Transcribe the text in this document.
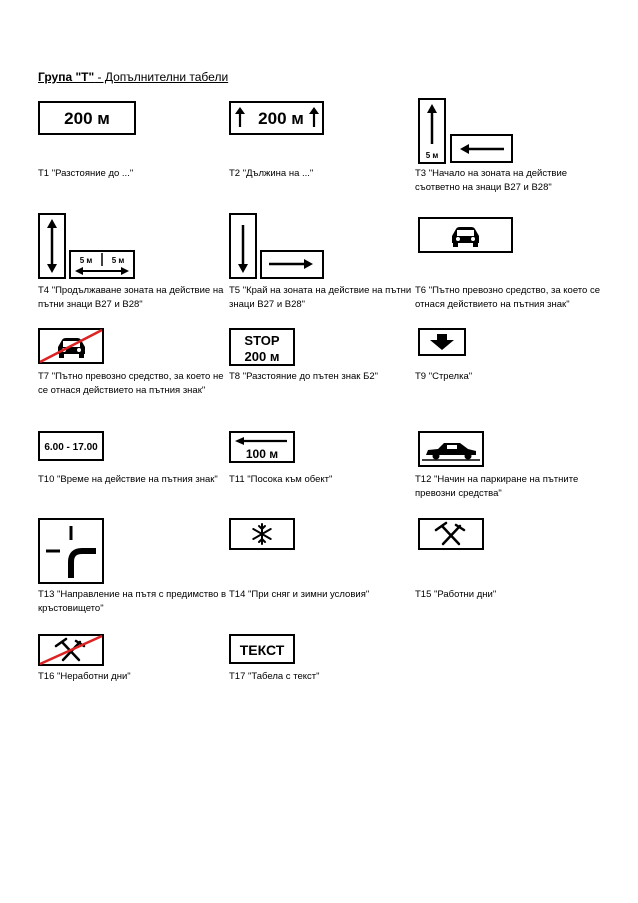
Група "Т" - Допълнителни табели
200 м
Т1 "Разстояние до ..."
200 м
Т2 "Дължина на ..."
5 м
Т3 "Начало на зоната на действие съответно на знаци В27 и В28"
5 м 5 м
Т4 "Продължаване зоната на действие на пътни знаци В27 и В28"
Т5 "Край на зоната на действие на пътни знаци В27 и В28"
Т6 "Пътно превозно средство, за което се отнася действието на пътния знак"
Т7 "Пътно превозно средство, за което не се отнася действието на пътния знак"
STOP
200 м
Т8 "Разстояние до пътен знак Б2"	Т9 "Стрелка"
6.00 - 17.00
Т10 "Време на действие на пътния знак"
100 м
Т11 "Посока към обект"	Т12 "Начин на паркиране на пътните превозни средства"
Т13 "Направление на пътя с предимство в кръстовището"
Т14 "При сняг и зимни условия"	Т15 "Работни дни"
Т16 "Неработни дни"
ТЕКСТ
Т17 "Табела с текст"
